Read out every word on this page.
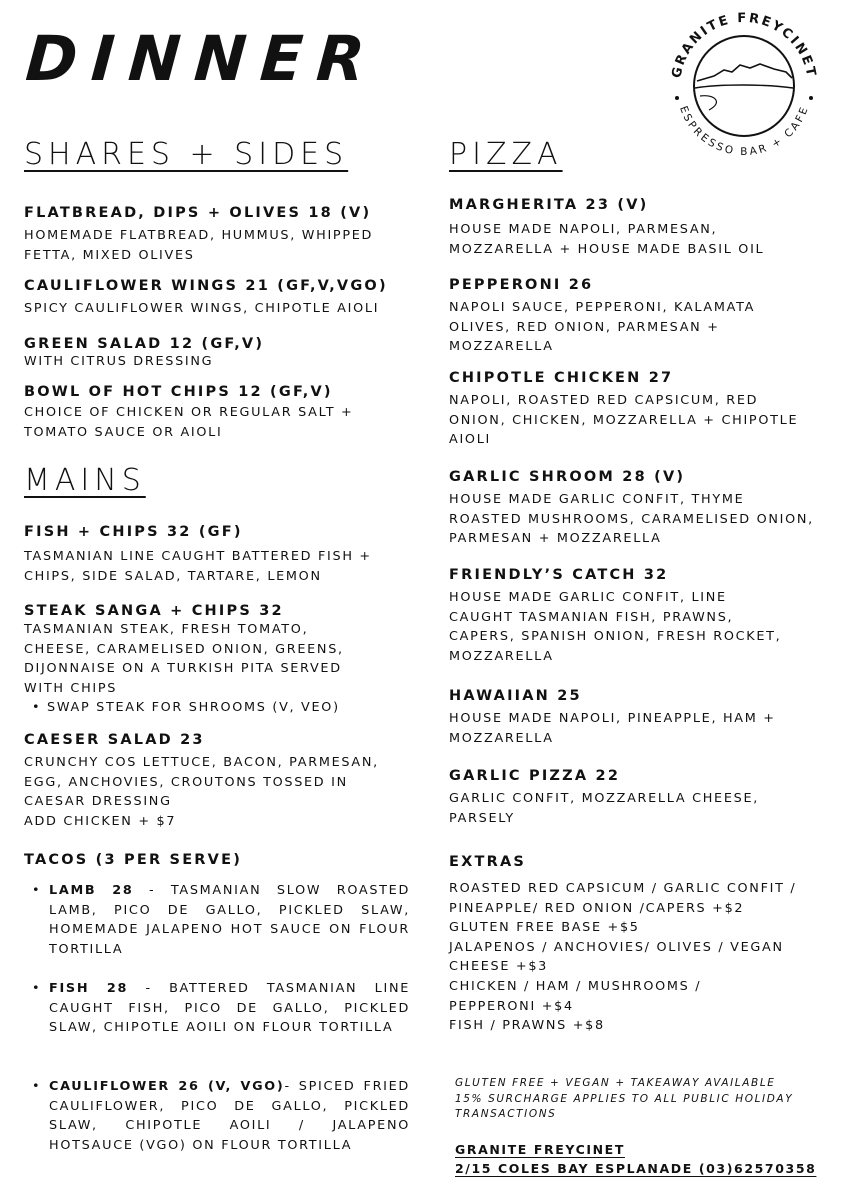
DINNER	GRANITE FREYCINET
ESPRESSO BAR + CAFE
SHARES + SIDES

FLATBREAD, DIPS + OLIVES 18 (V)

HOMEMADE FLATBREAD, HUMMUS, WHIPPED
FETTA, MIXED OLIVES

CAULIFLOWER WINGS 21 (GF,V,VGO)

SPICY CAULIFLOWER WINGS, CHIPOTLE AIOLI

GREEN SALAD 12 (GF,V)

WITH CITRUS DRESSING

BOWL OF HOT CHIPS 12 (GF,V)

CHOICE OF CHICKEN OR REGULAR SALT +
TOMATO SAUCE OR AIOLI

MAINS

FISH + CHIPS 32 (GF)

TASMANIAN LINE CAUGHT BATTERED FISH +
CHIPS, SIDE SALAD, TARTARE, LEMON

STEAK SANGA + CHIPS 32

TASMANIAN STEAK, FRESH TOMATO,
CHEESE, CARAMELISED ONION, GREENS,
DIJONNAISE ON A TURKISH PITA SERVED
WITH CHIPS

• SWAP STEAK FOR SHROOMS (V, VEO)

CAESER SALAD 23

CRUNCHY COS LETTUCE, BACON, PARMESAN,
EGG, ANCHOVIES, CROUTONS TOSSED IN
CAESAR DRESSING
ADD CHICKEN + $7

TACOS (3 PER SERVE)

• LAMB 28 - TASMANIAN SLOW ROASTED LAMB, PICO DE GALLO, PICKLED SLAW, HOMEMADE JALAPENO HOT SAUCE ON FLOUR TORTILLA
• FISH 28 - BATTERED TASMANIAN LINE CAUGHT FISH, PICO DE GALLO, PICKLED SLAW, CHIPOTLE AOILI ON FLOUR TORTILLA
• CAULIFLOWER 26 (V, VGO)- SPICED FRIED CAULIFLOWER, PICO DE GALLO, PICKLED SLAW, CHIPOTLE AOILI / JALAPENO HOTSAUCE (VGO) ON FLOUR TORTILLA
PIZZA

MARGHERITA 23 (V)

HOUSE MADE NAPOLI, PARMESAN,
MOZZARELLA + HOUSE MADE BASIL OIL

PEPPERONI 26

NAPOLI SAUCE, PEPPERONI, KALAMATA
OLIVES, RED ONION, PARMESAN +
MOZZARELLA

CHIPOTLE CHICKEN 27

NAPOLI, ROASTED RED CAPSICUM, RED
ONION, CHICKEN, MOZZARELLA + CHIPOTLE
AIOLI

GARLIC SHROOM 28 (V)

HOUSE MADE GARLIC CONFIT, THYME
ROASTED MUSHROOMS, CARAMELISED ONION,
PARMESAN + MOZZARELLA

FRIENDLY’S CATCH 32

HOUSE MADE GARLIC CONFIT, LINE
CAUGHT TASMANIAN FISH, PRAWNS,
CAPERS, SPANISH ONION, FRESH ROCKET,
MOZZARELLA

HAWAIIAN 25

HOUSE MADE NAPOLI, PINEAPPLE, HAM +
MOZZARELLA

GARLIC PIZZA 22

GARLIC CONFIT, MOZZARELLA CHEESE,
PARSELY

EXTRAS

ROASTED RED CAPSICUM / GARLIC CONFIT /
PINEAPPLE/ RED ONION /CAPERS +$2
GLUTEN FREE BASE +$5
JALAPENOS / ANCHOVIES/ OLIVES / VEGAN
CHEESE +$3
CHICKEN / HAM / MUSHROOMS /
PEPPERONI +$4
FISH / PRAWNS +$8

GLUTEN FREE + VEGAN + TAKEAWAY AVAILABLE
15% SURCHARGE APPLIES TO ALL PUBLIC HOLIDAY
TRANSACTIONS
GRANITE FREYCINET
2/15 COLES BAY ESPLANADE (03)62570358
